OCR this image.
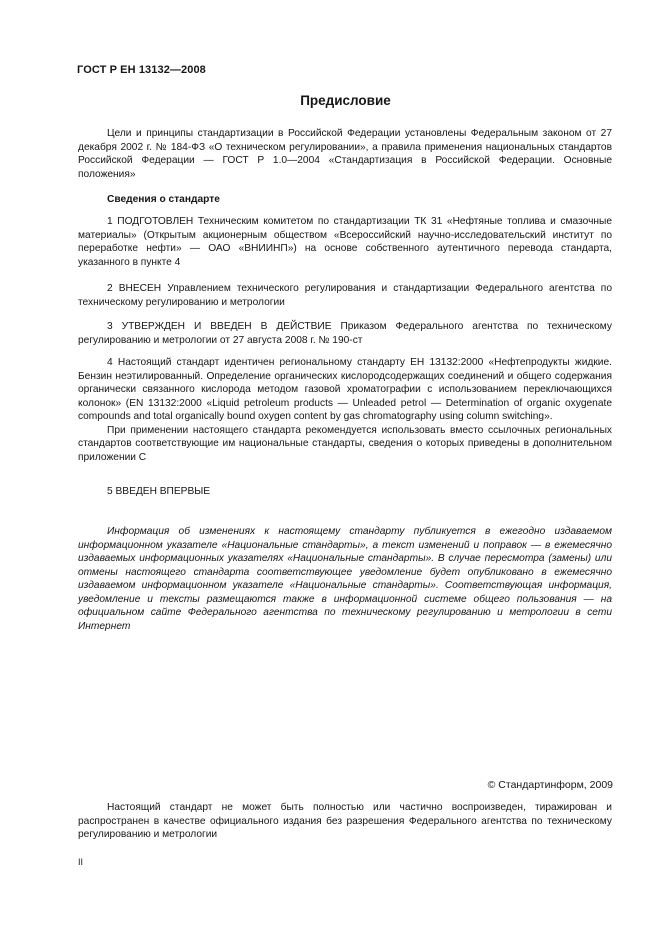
ГОСТ Р ЕН 13132—2008
Предисловие

Цели и принципы стандартизации в Российской Федерации установлены Федеральным законом от 27 декабря 2002 г. № 184-ФЗ «О техническом регулировании», а правила применения национальных стандартов Российской Федерации — ГОСТ Р 1.0—2004 «Стандартизация в Российской Федерации. Основные положения»

Сведения о стандарте

1 ПОДГОТОВЛЕН Техническим комитетом по стандартизации ТК 31 «Нефтяные топлива и смазочные материалы» (Открытым акционерным обществом «Всероссийский научно-исследовательский институт по переработке нефти» — ОАО «ВНИИНП») на основе собственного аутентичного перевода стандарта, указанного в пункте 4

2 ВНЕСЕН Управлением технического регулирования и стандартизации Федерального агентства по техническому регулированию и метрологии

3 УТВЕРЖДЕН И ВВЕДЕН В ДЕЙСТВИЕ Приказом Федерального агентства по техническому регулированию и метрологии от 27 августа 2008 г. № 190-ст

4 Настоящий стандарт идентичен региональному стандарту ЕН 13132:2000 «Нефтепродукты жидкие. Бензин неэтилированный. Определение органических кислородсодержащих соединений и общего содержания органически связанного кислорода методом газовой хроматографии с использованием переключающихся колонок» (EN 13132:2000 «Liquid petroleum products — Unleaded petrol — Determination of organic oxygenate compounds and total organically bound oxygen content by gas chromatography using column switching».

При применении настоящего стандарта рекомендуется использовать вместо ссылочных региональных стандартов соответствующие им национальные стандарты, сведения о которых приведены в дополнительном приложении С

5 ВВЕДЕН ВПЕРВЫЕ

Информация об изменениях к настоящему стандарту публикуется в ежегодно издаваемом информационном указателе «Национальные стандарты», а текст изменений и поправок — в ежемесячно издаваемых информационных указателях «Национальные стандарты». В случае пересмотра (замены) или отмены настоящего стандарта соответствующее уведомление будет опубликовано в ежемесячно издаваемом информационном указателе «Национальные стандарты». Соответствующая информация, уведомление и тексты размещаются также в информационной системе общего пользования — на официальном сайте Федерального агентства по техническому регулированию и метрологии в сети Интернет

© Стандартинформ, 2009

Настоящий стандарт не может быть полностью или частично воспроизведен, тиражирован и распространен в качестве официального издания без разрешения Федерального агентства по техническому регулированию и метрологии

II
